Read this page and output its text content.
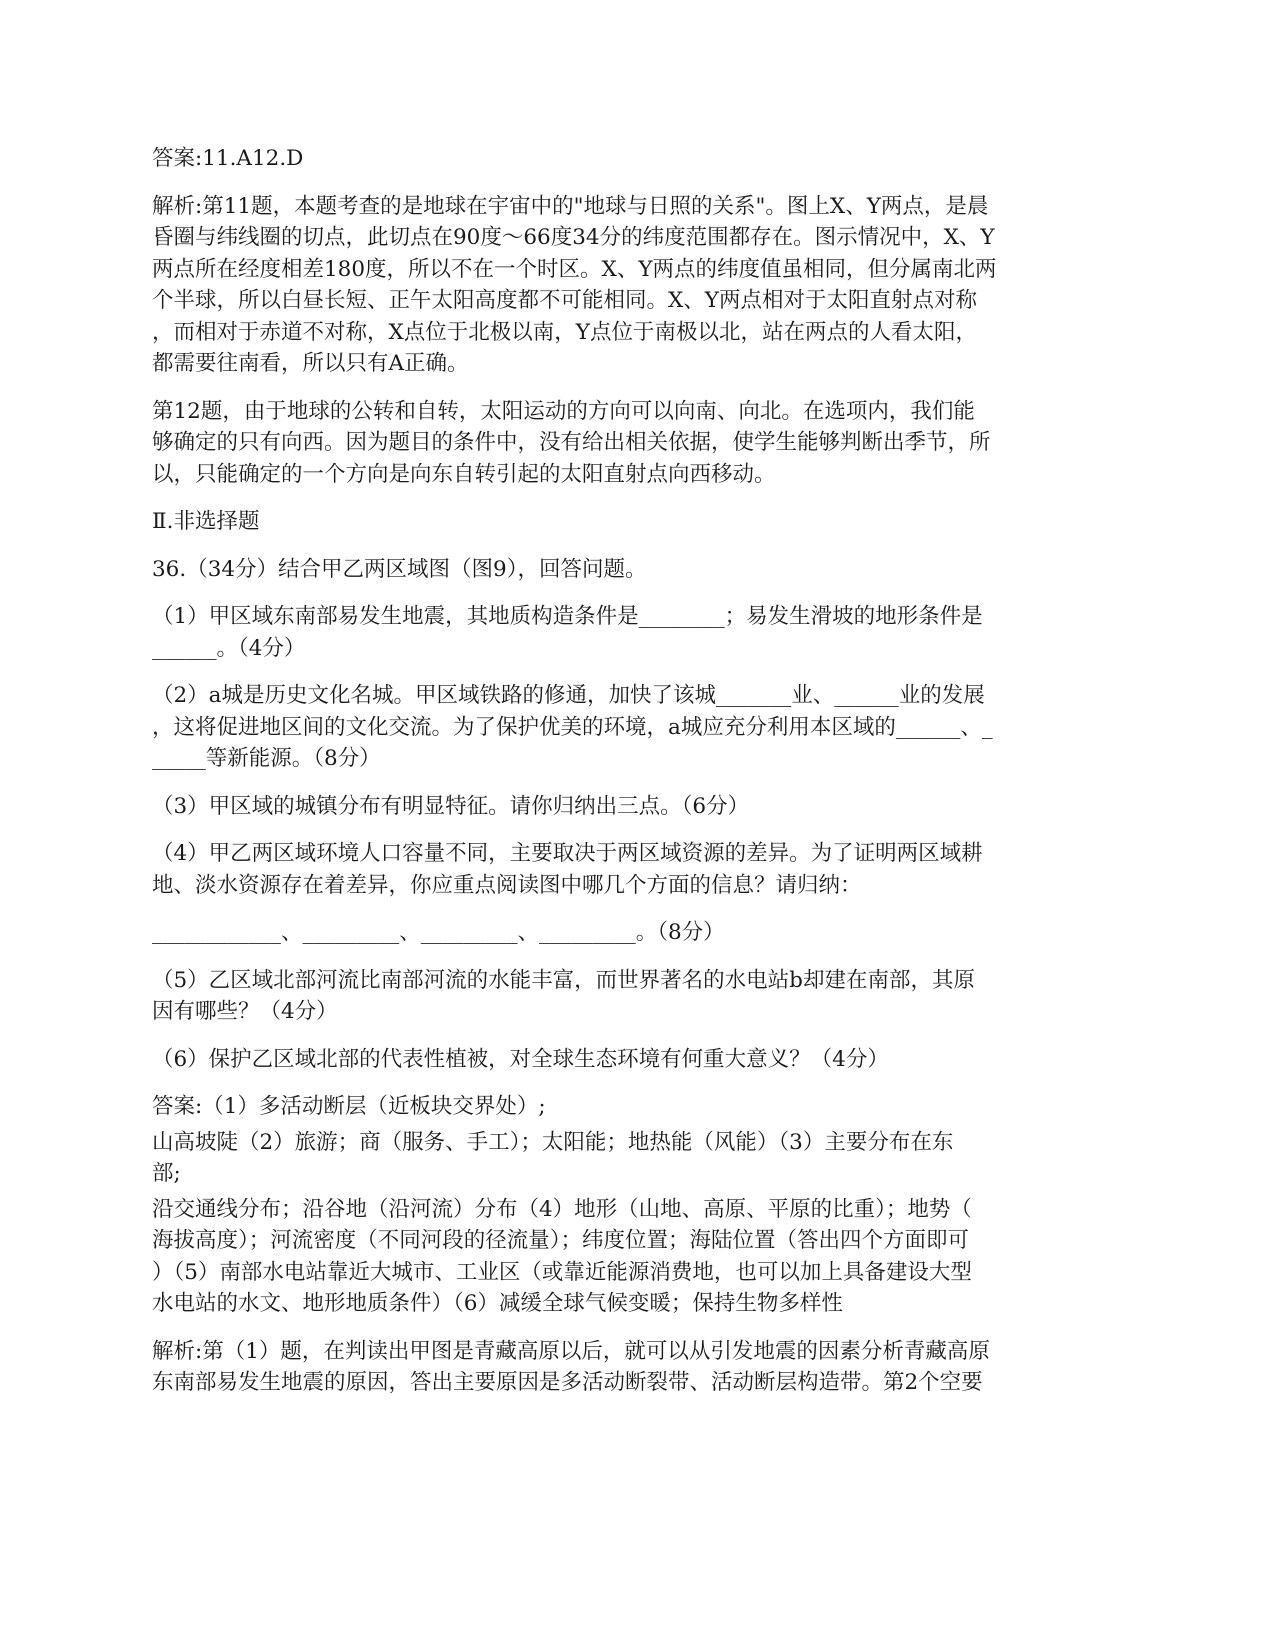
答案:11.A12.D
解析:第11题，本题考查的是地球在宇宙中的"地球与日照的关系"。图上X、Y两点，是晨
昏圈与纬线圈的切点，此切点在90度～66度34分的纬度范围都存在。图示情况中，X、Y
两点所在经度相差180度，所以不在一个时区。X、Y两点的纬度值虽相同，但分属南北两
个半球，所以白昼长短、正午太阳高度都不可能相同。X、Y两点相对于太阳直射点对称
，而相对于赤道不对称，X点位于北极以南，Y点位于南极以北，站在两点的人看太阳，
都需要往南看，所以只有A正确。
第12题，由于地球的公转和自转，太阳运动的方向可以向南、向北。在选项内，我们能
够确定的只有向西。因为题目的条件中，没有给出相关依据，使学生能够判断出季节，所
以，只能确定的一个方向是向东自转引起的太阳直射点向西移动。
Ⅱ.非选择题
36.（34分）结合甲乙两区域图（图9），回答问题。
（1）甲区域东南部易发生地震，其地质构造条件是________；易发生滑坡的地形条件是
______。（4分）
（2）a城是历史文化名城。甲区域铁路的修通，加快了该城_______业、______业的发展
，这将促进地区间的文化交流。为了保护优美的环境，a城应充分利用本区域的______、_
_____等新能源。（8分）
（3）甲区域的城镇分布有明显特征。请你归纳出三点。（6分）
（4）甲乙两区域环境人口容量不同，主要取决于两区域资源的差异。为了证明两区域耕
地、淡水资源存在着差异，你应重点阅读图中哪几个方面的信息？请归纳：
____________、_________、_________、_________。（8分）
（5）乙区域北部河流比南部河流的水能丰富，而世界著名的水电站b却建在南部，其原
因有哪些？（4分）
（6）保护乙区域北部的代表性植被，对全球生态环境有何重大意义？（4分）
答案:（1）多活动断层（近板块交界处）;
山高坡陡（2）旅游；商（服务、手工）；太阳能；地热能（风能）（3）主要分布在东
部;
沿交通线分布；沿谷地（沿河流）分布（4）地形（山地、高原、平原的比重）；地势（
海拔高度）；河流密度（不同河段的径流量）；纬度位置；海陆位置（答出四个方面即可
）（5）南部水电站靠近大城市、工业区（或靠近能源消费地，也可以加上具备建设大型
水电站的水文、地形地质条件）（6）减缓全球气候变暖；保持生物多样性
解析:第（1）题，在判读出甲图是青藏高原以后，就可以从引发地震的因素分析青藏高原
东南部易发生地震的原因，答出主要原因是多活动断裂带、活动断层构造带。第2个空要
